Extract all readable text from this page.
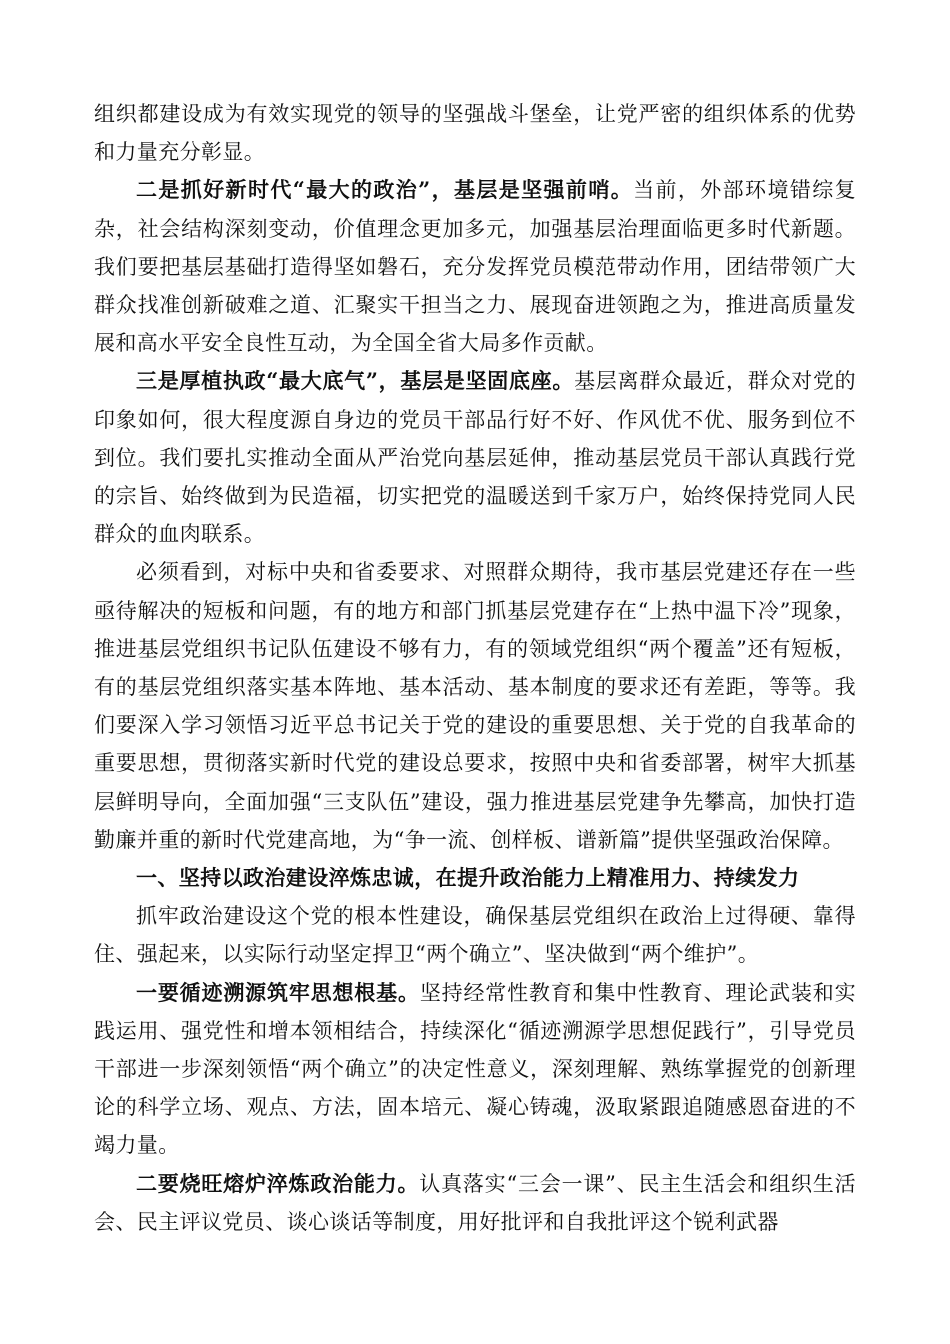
组织都建设成为有效实现党的领导的坚强战斗堡垒，让党严密的组织体系的优势和力量充分彰显。

二是抓好新时代“最大的政治”，基层是坚强前哨。当前，外部环境错综复杂，社会结构深刻变动，价值理念更加多元，加强基层治理面临更多时代新题。我们要把基层基础打造得坚如磐石，充分发挥党员模范带动作用，团结带领广大群众找准创新破难之道、汇聚实干担当之力、展现奋进领跑之为，推进高质量发展和高水平安全良性互动，为全国全省大局多作贡献。

三是厚植执政“最大底气”，基层是坚固底座。基层离群众最近，群众对党的印象如何，很大程度源自身边的党员干部品行好不好、作风优不优、服务到位不到位。我们要扎实推动全面从严治党向基层延伸，推动基层党员干部认真践行党的宗旨、始终做到为民造福，切实把党的温暖送到千家万户，始终保持党同人民群众的血肉联系。

必须看到，对标中央和省委要求、对照群众期待，我市基层党建还存在一些亟待解决的短板和问题，有的地方和部门抓基层党建存在“上热中温下冷”现象，推进基层党组织书记队伍建设不够有力，有的领域党组织“两个覆盖”还有短板，有的基层党组织落实基本阵地、基本活动、基本制度的要求还有差距，等等。我们要深入学习领悟习近平总书记关于党的建设的重要思想、关于党的自我革命的重要思想，贯彻落实新时代党的建设总要求，按照中央和省委部署，树牢大抓基层鲜明导向，全面加强“三支队伍”建设，强力推进基层党建争先攀高，加快打造勤廉并重的新时代党建高地，为“争一流、创样板、谱新篇”提供坚强政治保障。

一、坚持以政治建设淬炼忠诚，在提升政治能力上精准用力、持续发力

抓牢政治建设这个党的根本性建设，确保基层党组织在政治上过得硬、靠得住、强起来，以实际行动坚定捍卫“两个确立”、坚决做到“两个维护”。

一要循迹溯源筑牢思想根基。坚持经常性教育和集中性教育、理论武装和实践运用、强党性和增本领相结合，持续深化“循迹溯源学思想促践行”，引导党员干部进一步深刻领悟“两个确立”的决定性意义，深刻理解、熟练掌握党的创新理论的科学立场、观点、方法，固本培元、凝心铸魂，汲取紧跟追随感恩奋进的不竭力量。

二要烧旺熔炉淬炼政治能力。认真落实“三会一课”、民主生活会和组织生活会、民主评议党员、谈心谈话等制度，用好批评和自我批评这个锐利武器
